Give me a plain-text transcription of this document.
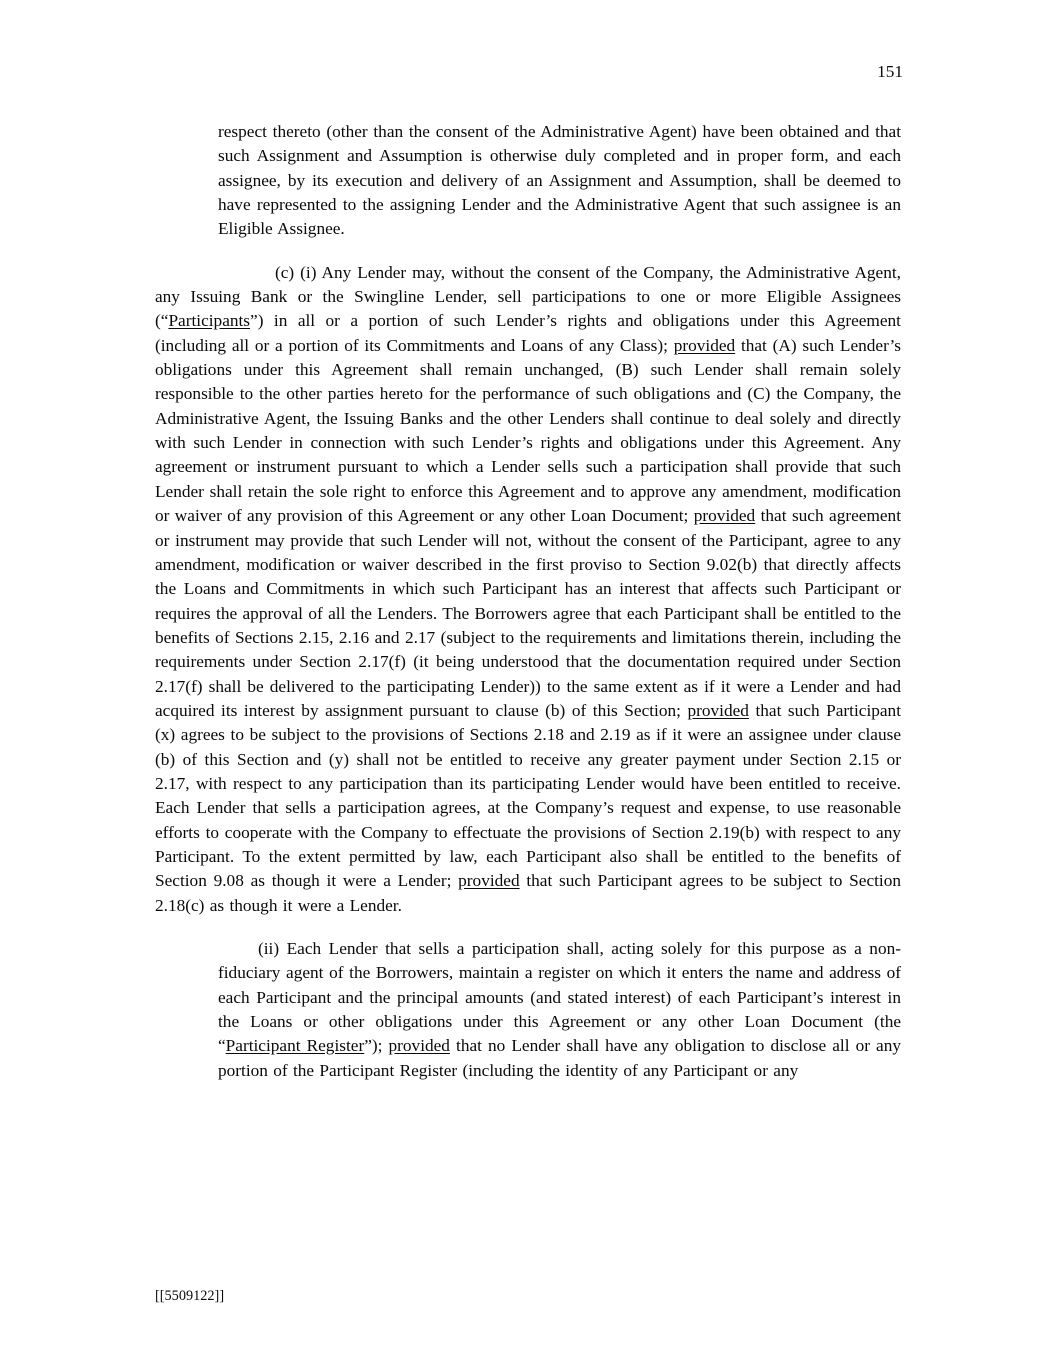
151

respect thereto (other than the consent of the Administrative Agent) have been obtained and that such Assignment and Assumption is otherwise duly completed and in proper form, and each assignee, by its execution and delivery of an Assignment and Assumption, shall be deemed to have represented to the assigning Lender and the Administrative Agent that such assignee is an Eligible Assignee.

(c) (i) Any Lender may, without the consent of the Company, the Administrative Agent, any Issuing Bank or the Swingline Lender, sell participations to one or more Eligible Assignees (“Participants”) in all or a portion of such Lender’s rights and obligations under this Agreement (including all or a portion of its Commitments and Loans of any Class); provided that (A) such Lender’s obligations under this Agreement shall remain unchanged, (B) such Lender shall remain solely responsible to the other parties hereto for the performance of such obligations and (C) the Company, the Administrative Agent, the Issuing Banks and the other Lenders shall continue to deal solely and directly with such Lender in connection with such Lender’s rights and obligations under this Agreement. Any agreement or instrument pursuant to which a Lender sells such a participation shall provide that such Lender shall retain the sole right to enforce this Agreement and to approve any amendment, modification or waiver of any provision of this Agreement or any other Loan Document; provided that such agreement or instrument may provide that such Lender will not, without the consent of the Participant, agree to any amendment, modification or waiver described in the first proviso to Section 9.02(b) that directly affects the Loans and Commitments in which such Participant has an interest that affects such Participant or requires the approval of all the Lenders. The Borrowers agree that each Participant shall be entitled to the benefits of Sections 2.15, 2.16 and 2.17 (subject to the requirements and limitations therein, including the requirements under Section 2.17(f) (it being understood that the documentation required under Section 2.17(f) shall be delivered to the participating Lender)) to the same extent as if it were a Lender and had acquired its interest by assignment pursuant to clause (b) of this Section; provided that such Participant (x) agrees to be subject to the provisions of Sections 2.18 and 2.19 as if it were an assignee under clause (b) of this Section and (y) shall not be entitled to receive any greater payment under Section 2.15 or 2.17, with respect to any participation than its participating Lender would have been entitled to receive. Each Lender that sells a participation agrees, at the Company’s request and expense, to use reasonable efforts to cooperate with the Company to effectuate the provisions of Section 2.19(b) with respect to any Participant. To the extent permitted by law, each Participant also shall be entitled to the benefits of Section 9.08 as though it were a Lender; provided that such Participant agrees to be subject to Section 2.18(c) as though it were a Lender.

(ii) Each Lender that sells a participation shall, acting solely for this purpose as a non-fiduciary agent of the Borrowers, maintain a register on which it enters the name and address of each Participant and the principal amounts (and stated interest) of each Participant’s interest in the Loans or other obligations under this Agreement or any other Loan Document (the “Participant Register”); provided that no Lender shall have any obligation to disclose all or any portion of the Participant Register (including the identity of any Participant or any

[[5509122]]
